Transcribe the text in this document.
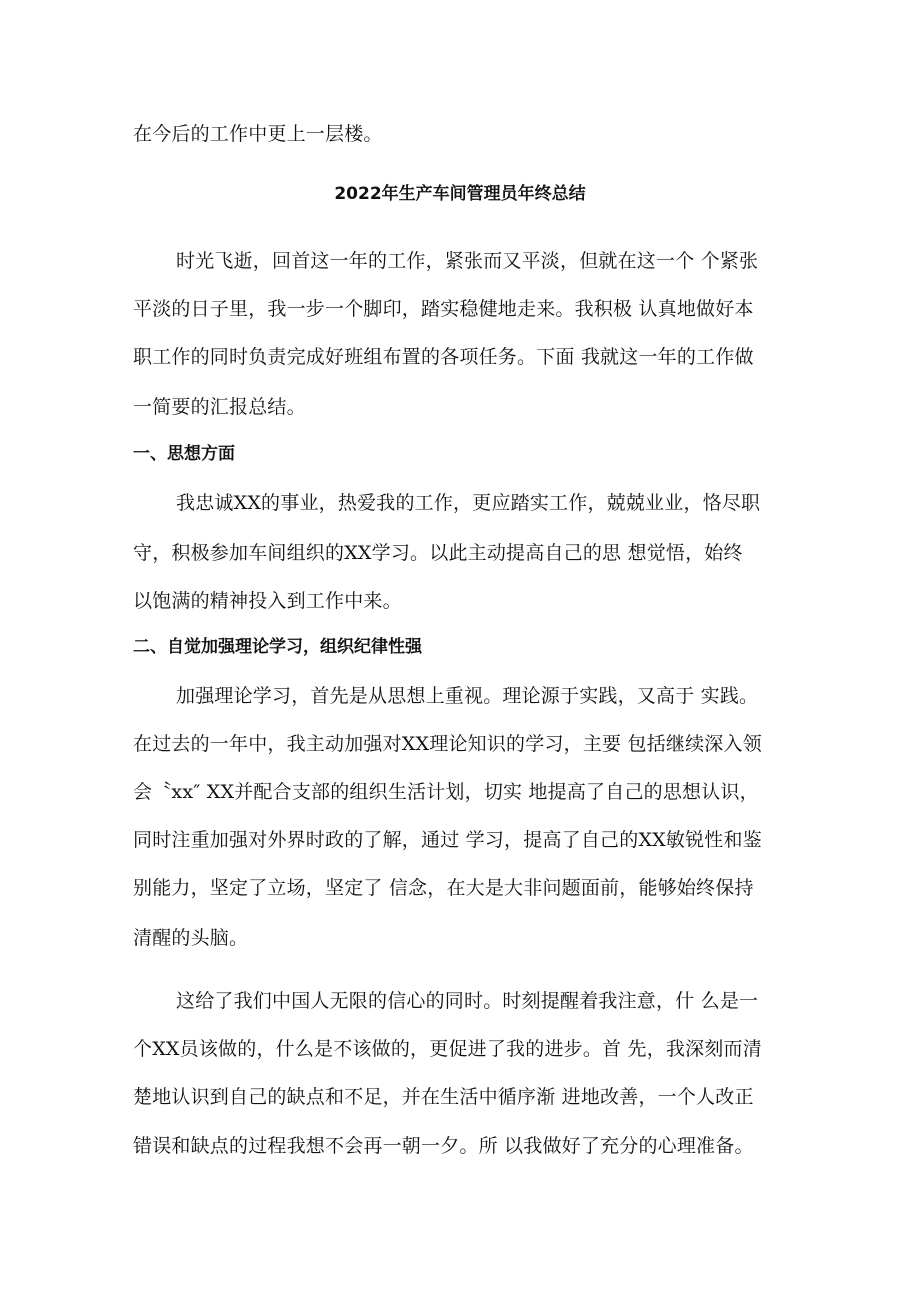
在今后的工作中更上一层楼。
2022年生产车间管理员年终总结
时光飞逝，回首这一年的工作，紧张而又平淡，但就在这一个 个紧张
平淡的日子里，我一步一个脚印，踏实稳健地走来。我积极 认真地做好本
职工作的同时负责完成好班组布置的各项任务。下面 我就这一年的工作做
一简要的汇报总结。
一、思想方面
我忠诚XX的事业，热爱我的工作，更应踏实工作，兢兢业业，恪尽职
守，积极参加车间组织的XX学习。以此主动提高自己的思 想觉悟，始终
以饱满的精神投入到工作中来。
二、自觉加强理论学习，组织纪律性强
加强理论学习，首先是从思想上重视。理论源于实践，又高于 实践。
在过去的一年中，我主动加强对XX理论知识的学习，主要 包括继续深入领
会〝xx″ XX并配合支部的组织生活计划，切实 地提高了自己的思想认识，
同时注重加强对外界时政的了解，通过 学习，提高了自己的XX敏锐性和鉴
别能力，坚定了立场，坚定了 信念，在大是大非问题面前，能够始终保持
清醒的头脑。
这给了我们中国人无限的信心的同时。时刻提醒着我注意，什 么是一
个XX员该做的，什么是不该做的，更促进了我的进步。首 先，我深刻而清
楚地认识到自己的缺点和不足，并在生活中循序渐 进地改善，一个人改正
错误和缺点的过程我想不会再一朝一夕。所 以我做好了充分的心理准备。
